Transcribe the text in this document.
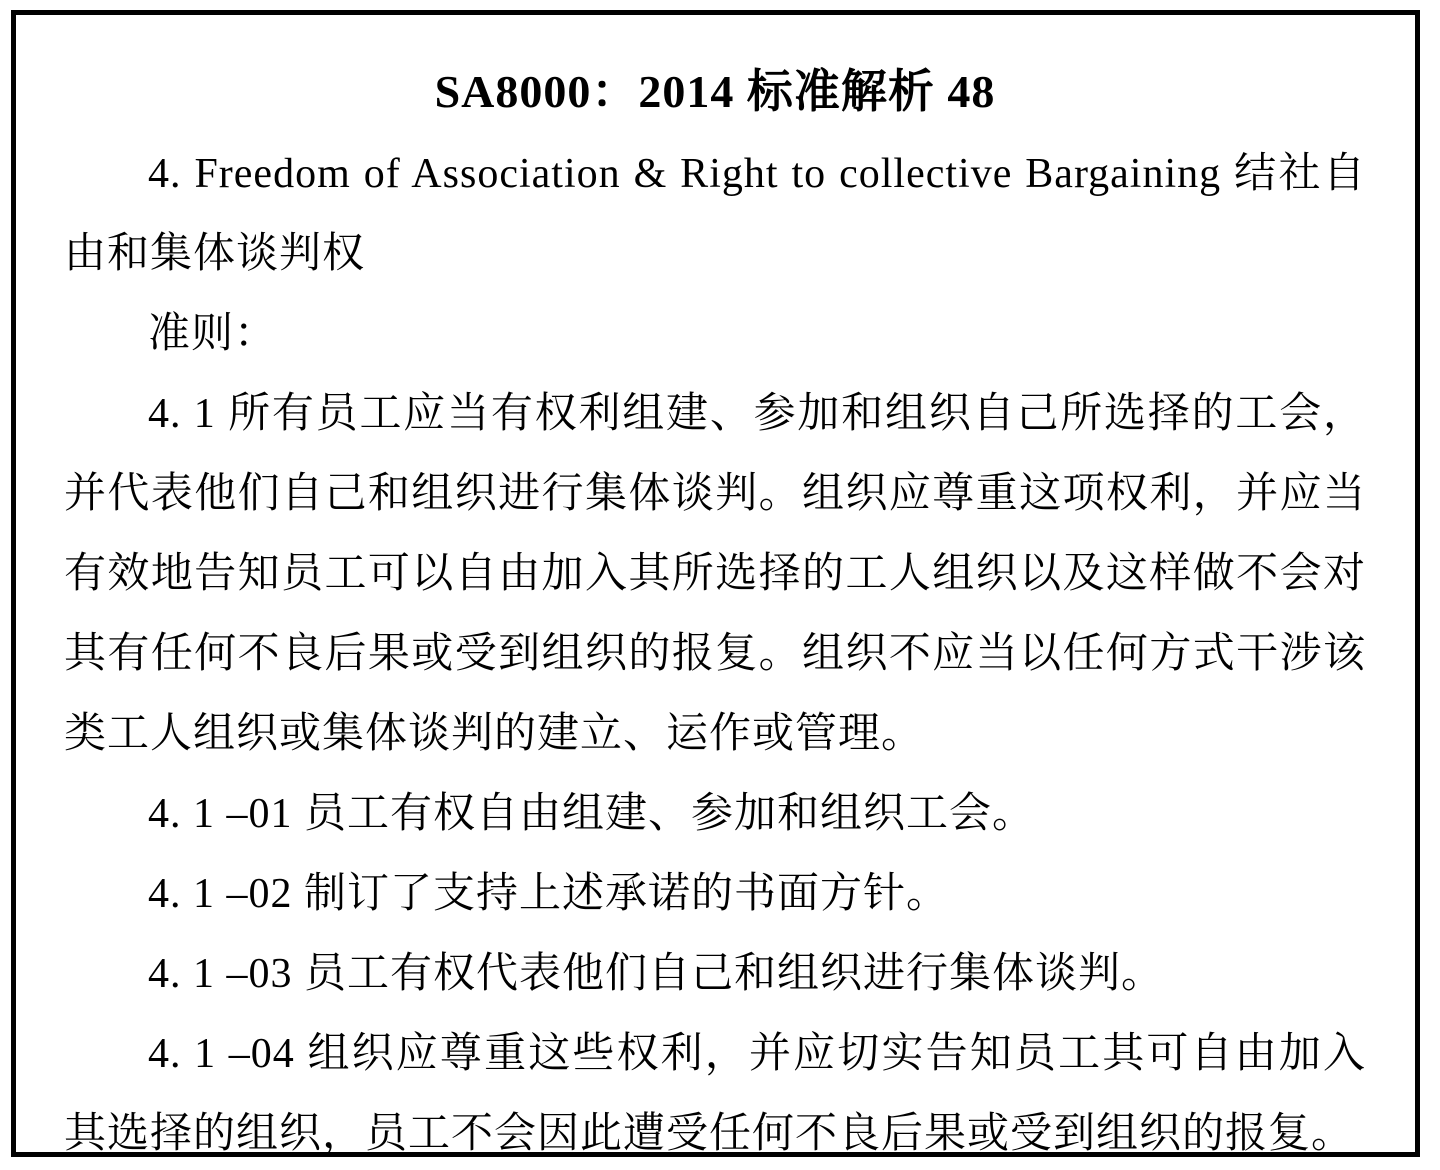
SA8000：2014 标准解析 48

4. Freedom of Association & Right to collective Bargaining 结社自由和集体谈判权

准则：

4. 1 所有员工应当有权利组建、参加和组织自己所选择的工会，并代表他们自己和组织进行集体谈判。组织应尊重这项权利，并应当有效地告知员工可以自由加入其所选择的工人组织以及这样做不会对其有任何不良后果或受到组织的报复。组织不应当以任何方式干涉该类工人组织或集体谈判的建立、运作或管理。

4. 1 –01 员工有权自由组建、参加和组织工会。

4. 1 –02 制订了支持上述承诺的书面方针。

4. 1 –03 员工有权代表他们自己和组织进行集体谈判。

4. 1 –04 组织应尊重这些权利，并应切实告知员工其可自由加入其选择的组织，员工不会因此遭受任何不良后果或受到组织的报复。
